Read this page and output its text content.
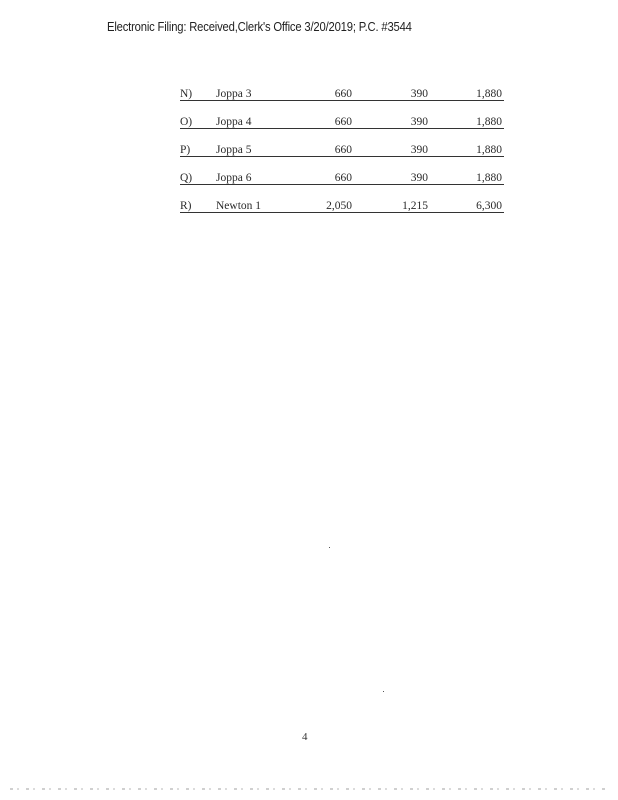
Electronic Filing: Received,Clerk's Office 3/20/2019; P.C. #3544
N) Joppa 3	660	390	1,880
O) Joppa 4	660	390	1,880
P) Joppa 5	660	390	1,880
Q) Joppa 6	660	390	1,880
R) Newton 1	2,050	1,215	6,300
4
